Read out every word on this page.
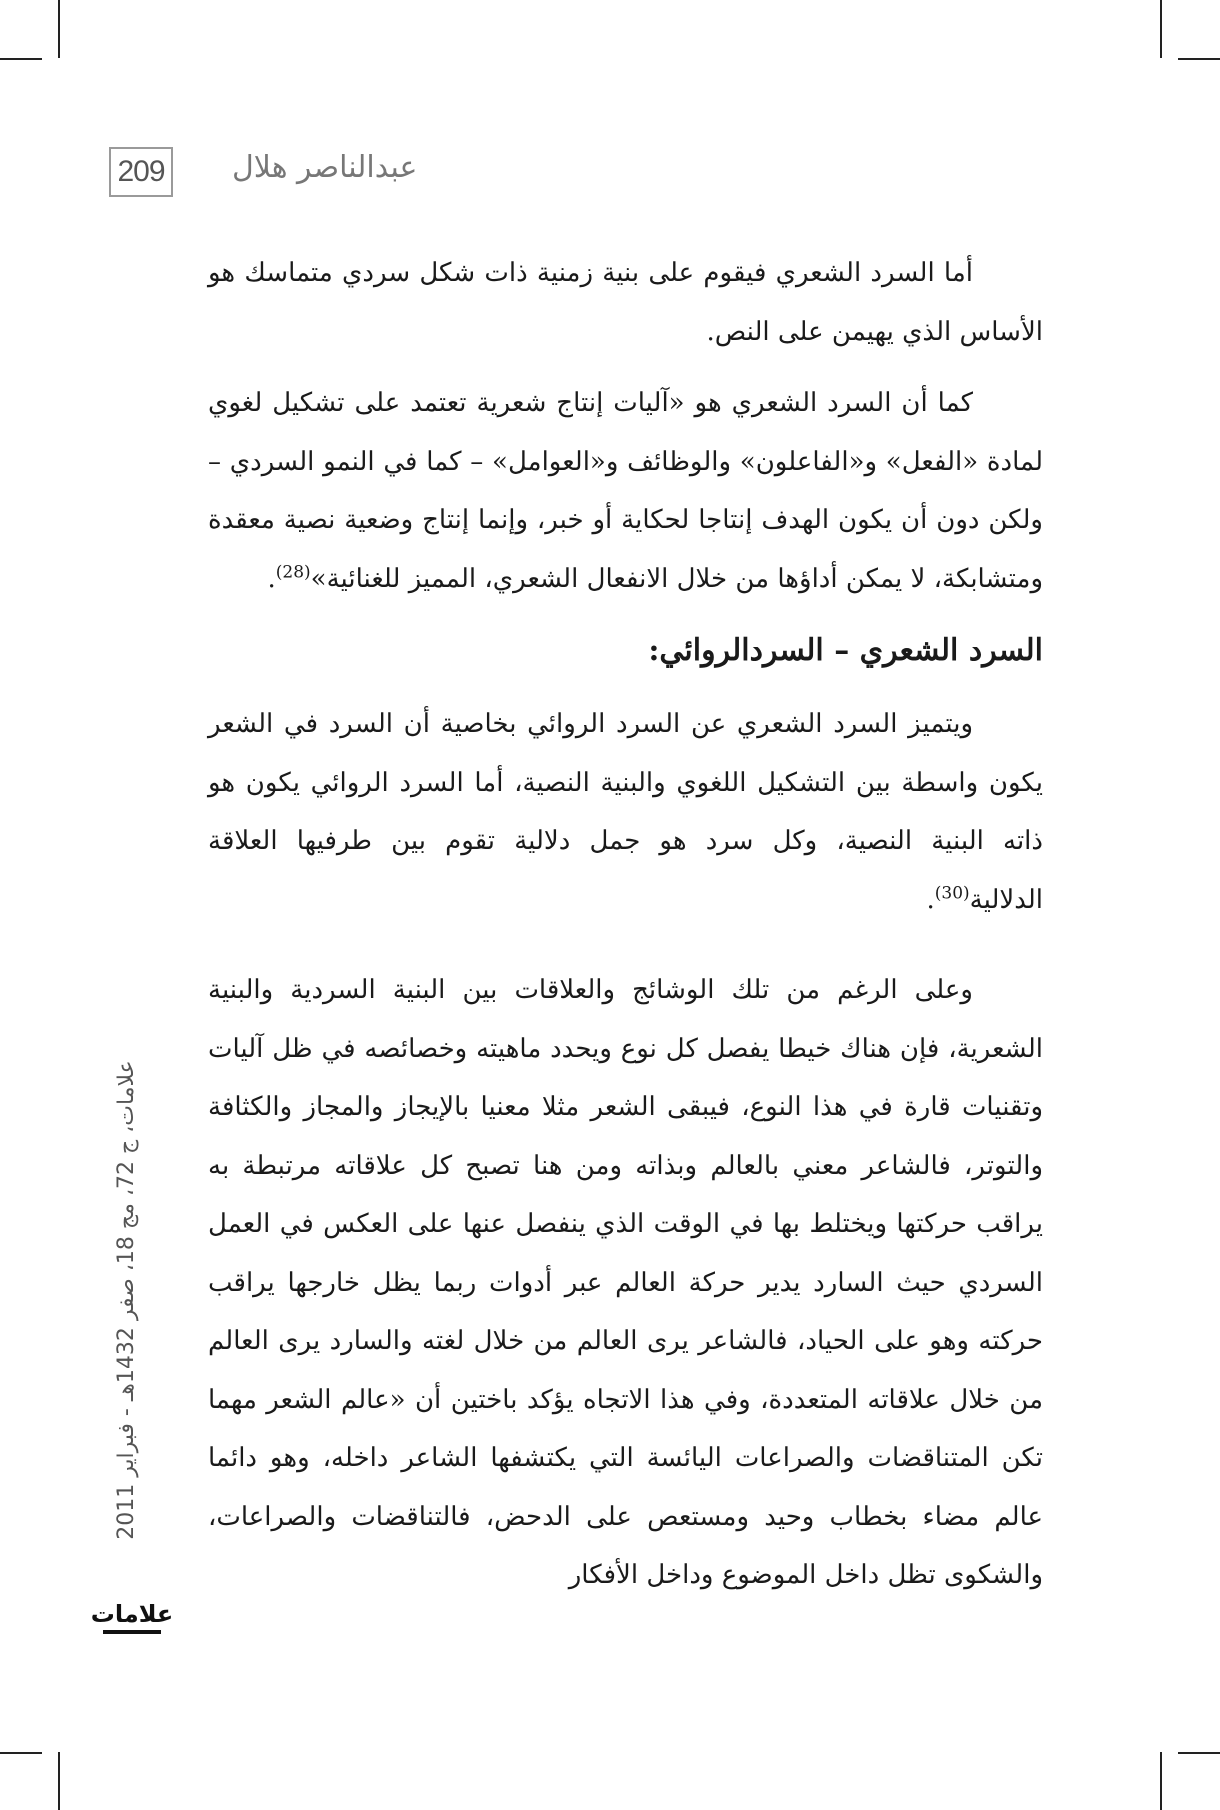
209 عبدالناصر هلال

أما السرد الشعري فيقوم على بنية زمنية ذات شكل سردي متماسك هو الأساس الذي يهيمن على النص.

كما أن السرد الشعري هو «آليات إنتاج شعرية تعتمد على تشكيل لغوي لمادة «الفعل» و«الفاعلون» والوظائف و«العوامل» – كما في النمو السردي – ولكن دون أن يكون الهدف إنتاجا لحكاية أو خبر، وإنما إنتاج وضعية نصية معقدة ومتشابكة، لا يمكن أداؤها من خلال الانفعال الشعري، المميز للغنائية»$^{(28)}$.

السرد الشعري – السردالروائي:

ويتميز السرد الشعري عن السرد الروائي بخاصية أن السرد في الشعر يكون واسطة بين التشكيل اللغوي والبنية النصية، أما السرد الروائي يكون هو ذاته البنية النصية، وكل سرد هو جمل دلالية تقوم بين طرفيها العلاقة الدلالية$^{(30)}$.

وعلى الرغم من تلك الوشائج والعلاقات بين البنية السردية والبنية الشعرية، فإن هناك خيطا يفصل كل نوع ويحدد ماهيته وخصائصه في ظل آليات وتقنيات قارة في هذا النوع، فيبقى الشعر مثلا معنيا بالإيجاز والمجاز والكثافة والتوتر، فالشاعر معني بالعالم وبذاته ومن هنا تصبح كل علاقاته مرتبطة به يراقب حركتها ويختلط بها في الوقت الذي ينفصل عنها على العكس في العمل السردي حيث السارد يدير حركة العالم عبر أدوات ربما يظل خارجها يراقب حركته وهو على الحياد، فالشاعر يرى العالم من خلال لغته والسارد يرى العالم من خلال علاقاته المتعددة، وفي هذا الاتجاه يؤكد باختين أن «عالم الشعر مهما تكن المتناقضات والصراعات اليائسة التي يكتشفها الشاعر داخله، وهو دائما عالم مضاء بخطاب وحيد ومستعص على الدحض، فالتناقضات والصراعات، والشكوى تظل داخل الموضوع وداخل الأفكار

علامات، ج 72، مج 18، صفر 1432هـ - فبراير 2011
علامات
